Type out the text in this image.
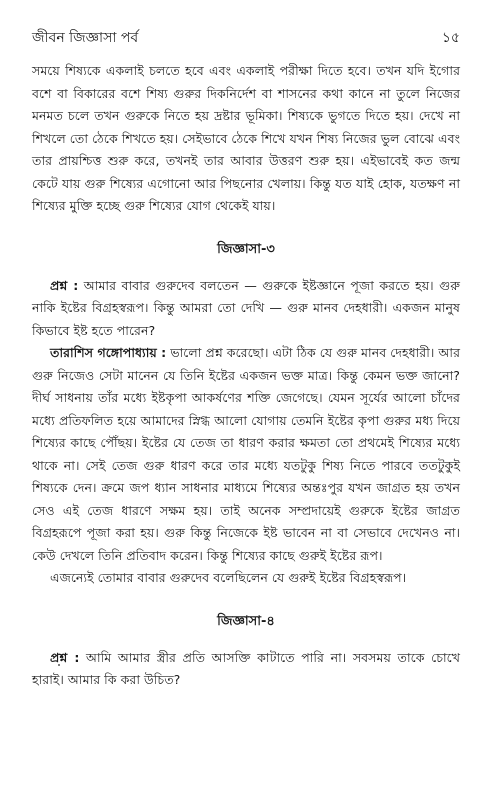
জীবন জিজ্ঞাসা পর্ব	১৫

সময়ে শিষ্যকে একলাই চলতে হবে এবং একলাই পরীক্ষা দিতে হবে। তখন যদি ইগোর বশে বা বিকারের বশে শিষ্য গুরুর দিকনির্দেশ বা শাসনের কথা কানে না তুলে নিজের মনমত চলে তখন গুরুকে নিতে হয় দ্রষ্টার ভূমিকা। শিষ্যকে ভুগতে দিতে হয়। দেখে না শিখলে তো ঠেকে শিখতে হয়। সেইভাবে ঠেকে শিখে যখন শিষ্য নিজের ভুল বোঝে এবং তার প্রায়শ্চিত্ত শুরু করে, তখনই তার আবার উত্তরণ শুরু হয়। এইভাবেই কত জন্ম কেটে যায় গুরু শিষ্যের এগোনো আর পিছনোর খেলায়। কিন্তু যত যাই হোক, যতক্ষণ না শিষ্যের মুক্তি হচ্ছে গুরু শিষ্যের যোগ থেকেই যায়।

জিজ্ঞাসা-৩

প্রশ্ন : আমার বাবার গুরুদেব বলতেন — গুরুকে ইষ্টজ্ঞানে পূজা করতে হয়। গুরু নাকি ইষ্টের বিগ্রহস্বরূপ। কিন্তু আমরা তো দেখি — গুরু মানব দেহধারী। একজন মানুষ কিভাবে ইষ্ট হতে পারেন?

তারাশিস গঙ্গোপাধ্যায় : ভালো প্রশ্ন করেছো। এটা ঠিক যে গুরু মানব দেহধারী। আর গুরু নিজেও সেটা মানেন যে তিনি ইষ্টের একজন ভক্ত মাত্র। কিন্তু কেমন ভক্ত জানো? দীর্ঘ সাধনায় তাঁর মধ্যে ইষ্টকৃপা আকর্ষণের শক্তি জেগেছে। যেমন সূর্যের আলো চাঁদের মধ্যে প্রতিফলিত হয়ে আমাদের স্নিগ্ধ আলো যোগায় তেমনি ইষ্টের কৃপা গুরুর মধ্য দিয়ে শিষ্যের কাছে পৌঁছয়। ইষ্টের যে তেজ তা ধারণ করার ক্ষমতা তো প্রথমেই শিষ্যের মধ্যে থাকে না। সেই তেজ গুরু ধারণ করে তার মধ্যে যতটুকু শিষ্য নিতে পারবে ততটুকুই শিষ্যকে দেন। ক্রমে জপ ধ্যান সাধনার মাধ্যমে শিষ্যের অন্তঃপুর যখন জাগ্রত হয় তখন সেও এই তেজ ধারণে সক্ষম হয়। তাই অনেক সম্প্রদায়েই গুরুকে ইষ্টের জাগ্রত বিগ্রহরূপে পূজা করা হয়। গুরু কিন্তু নিজেকে ইষ্ট ভাবেন না বা সেভাবে দেখেনও না। কেউ দেখলে তিনি প্রতিবাদ করেন। কিন্তু শিষ্যের কাছে গুরুই ইষ্টের রূপ।

এজন্যেই তোমার বাবার গুরুদেব বলেছিলেন যে গুরুই ইষ্টের বিগ্রহস্বরূপ।

জিজ্ঞাসা-৪

প্রশ্ন : আমি আমার স্ত্রীর প্রতি আসক্তি কাটাতে পারি না। সবসময় তাকে চোখে হারাই। আমার কি করা উচিত?
